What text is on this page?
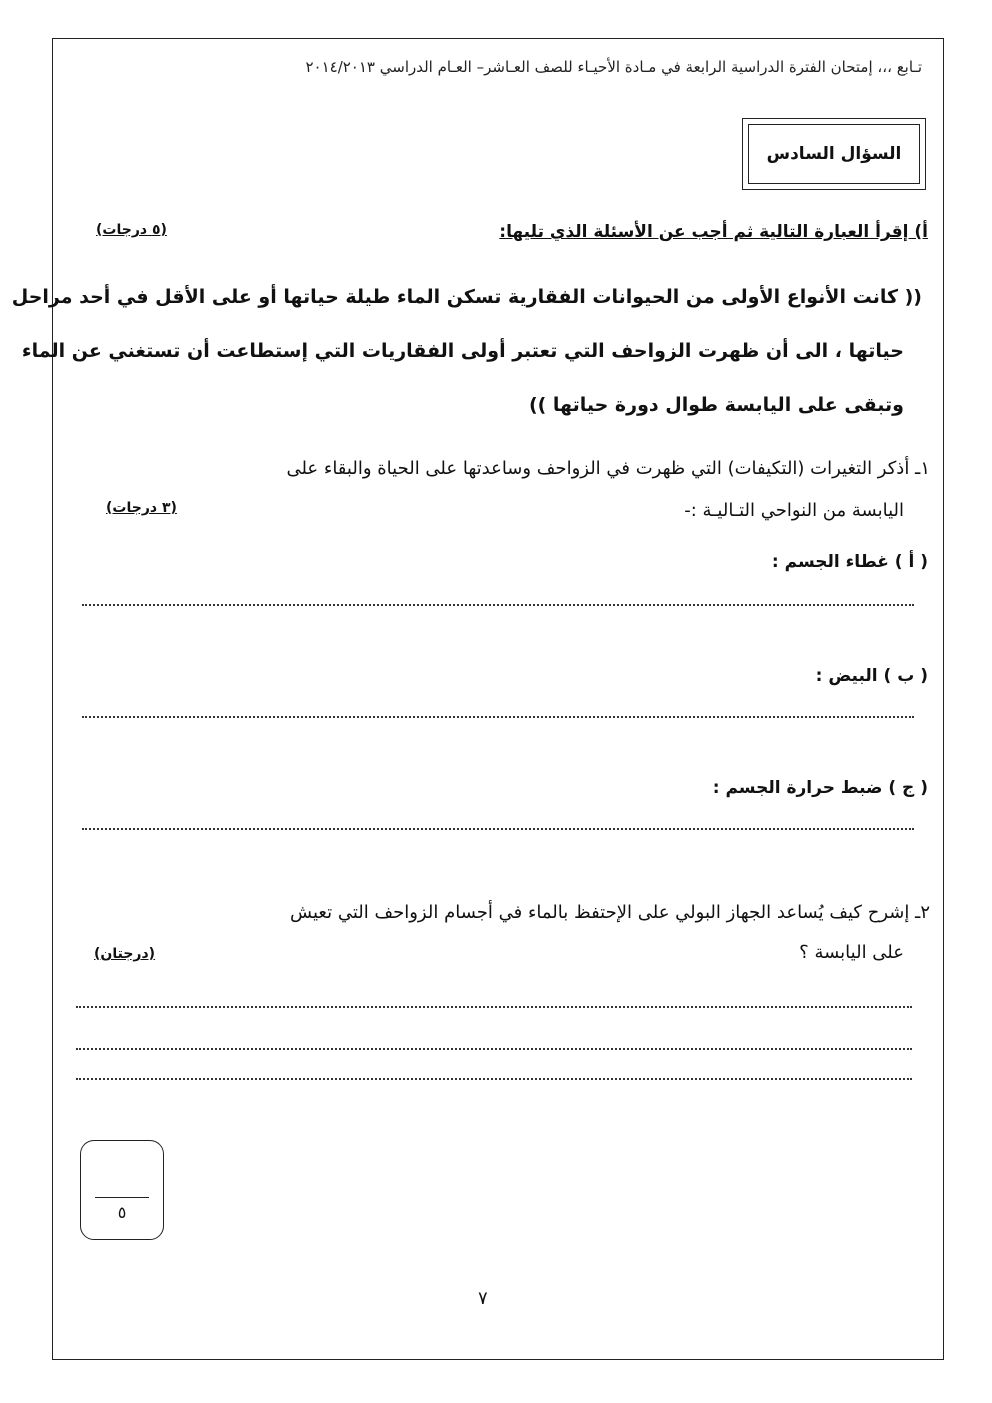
تـابع ،،، إمتحان الفترة الدراسية الرابعة في مـادة الأحيـاء للصف العـاشر– العـام الدراسي ٢٠١٤/٢٠١٣
السؤال السادس
أ) إقرأ العبارة التالية ثم أجب عن الأسئلة الذي تليها:
(٥ درجات)
(( كانت الأنواع الأولى من الحيوانات الفقارية تسكن الماء طيلة حياتها أو على الأقل في أحد مراحل
حياتها ، الى أن ظهرت الزواحف التي تعتبر أولى الفقاريات التي إستطاعت أن تستغني عن الماء
وتبقى على اليابسة طوال دورة حياتها ))
١ـ أذكر التغيرات (التكيفات) التي ظهرت في الزواحف وساعدتها على الحياة والبقاء على
اليابسة من النواحي التـاليـة :-
(٣ درجات)
( أ ) غطاء الجسم :
( ب ) البيض :
( ج ) ضبط حرارة الجسم :
٢ـ إشرح كيف يُساعد الجهاز البولي على الإحتفظ بالماء في أجسام الزواحف التي تعيش
على اليابسة ؟
(درجتان)
٥
٧
